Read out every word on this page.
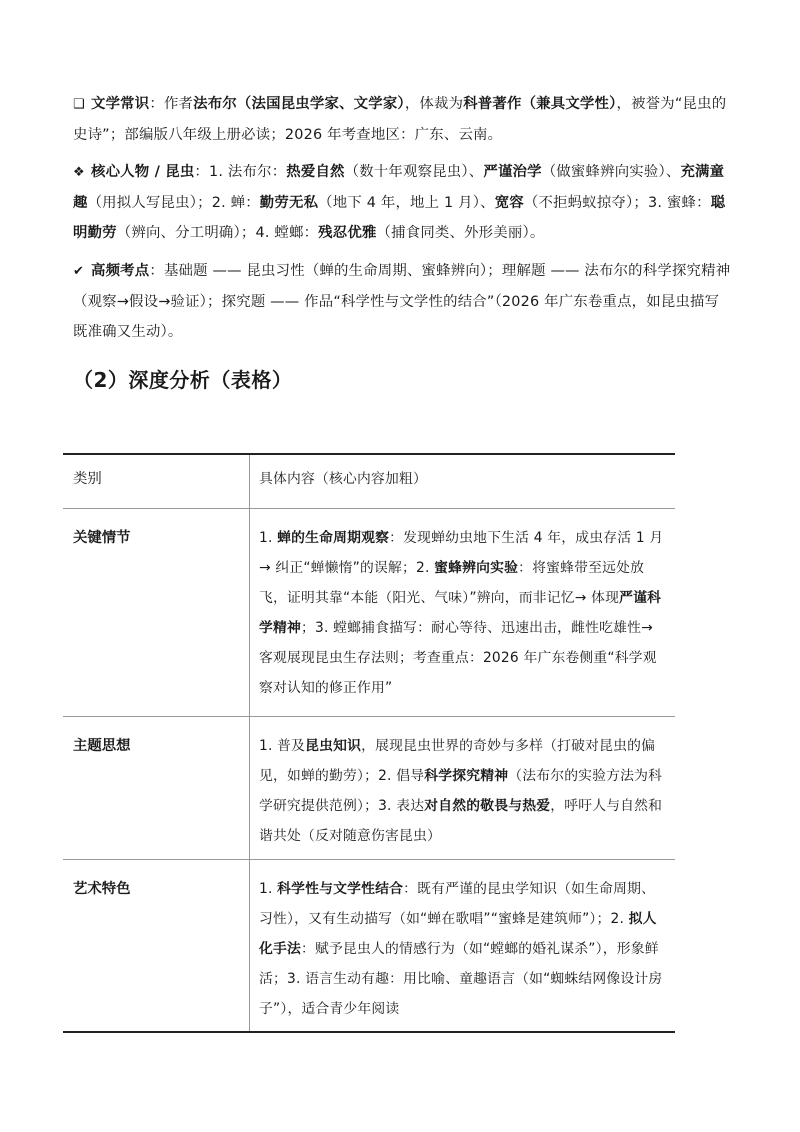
❑ 文学常识：作者法布尔（法国昆虫学家、文学家），体裁为科普著作（兼具文学性），被誉为“昆虫的史诗”；部编版八年级上册必读；2026 年考查地区：广东、云南。
❖ 核心人物 / 昆虫：1. 法布尔：热爱自然（数十年观察昆虫）、严谨治学（做蜜蜂辨向实验）、充满童趣（用拟人写昆虫）；2. 蝉：勤劳无私（地下 4 年，地上 1 月）、宽容（不拒蚂蚁掠夺）；3. 蜜蜂：聪明勤劳（辨向、分工明确）；4. 螳螂：残忍优雅（捕食同类、外形美丽）。
✔ 高频考点：基础题 —— 昆虫习性（蝉的生命周期、蜜蜂辨向）；理解题 —— 法布尔的科学探究精神（观察→假设→验证）；探究题 —— 作品“科学性与文学性的结合”（2026 年广东卷重点，如昆虫描写既准确又生动）。
（2）深度分析（表格）
类别	具体内容（核心内容加粗）
关键情节	1. 蝉的生命周期观察：发现蝉幼虫地下生活 4 年，成虫存活 1 月→ 纠正“蝉懒惰”的误解；2. 蜜蜂辨向实验：将蜜蜂带至远处放飞，证明其靠“本能（阳光、气味）”辨向，而非记忆→ 体现严谨科学精神；3. 螳螂捕食描写：耐心等待、迅速出击，雌性吃雄性→ 客观展现昆虫生存法则；考查重点：2026 年广东卷侧重“科学观察对认知的修正作用”
主题思想	1. 普及昆虫知识，展现昆虫世界的奇妙与多样（打破对昆虫的偏见，如蝉的勤劳）；2. 倡导科学探究精神（法布尔的实验方法为科学研究提供范例）；3. 表达对自然的敬畏与热爱，呼吁人与自然和谐共处（反对随意伤害昆虫）
艺术特色	1. 科学性与文学性结合：既有严谨的昆虫学知识（如生命周期、习性），又有生动描写（如“蝉在歌唱”“蜜蜂是建筑师”）；2. 拟人化手法：赋予昆虫人的情感行为（如“螳螂的婚礼谋杀”），形象鲜活；3. 语言生动有趣：用比喻、童趣语言（如“蜘蛛结网像设计房子”），适合青少年阅读
